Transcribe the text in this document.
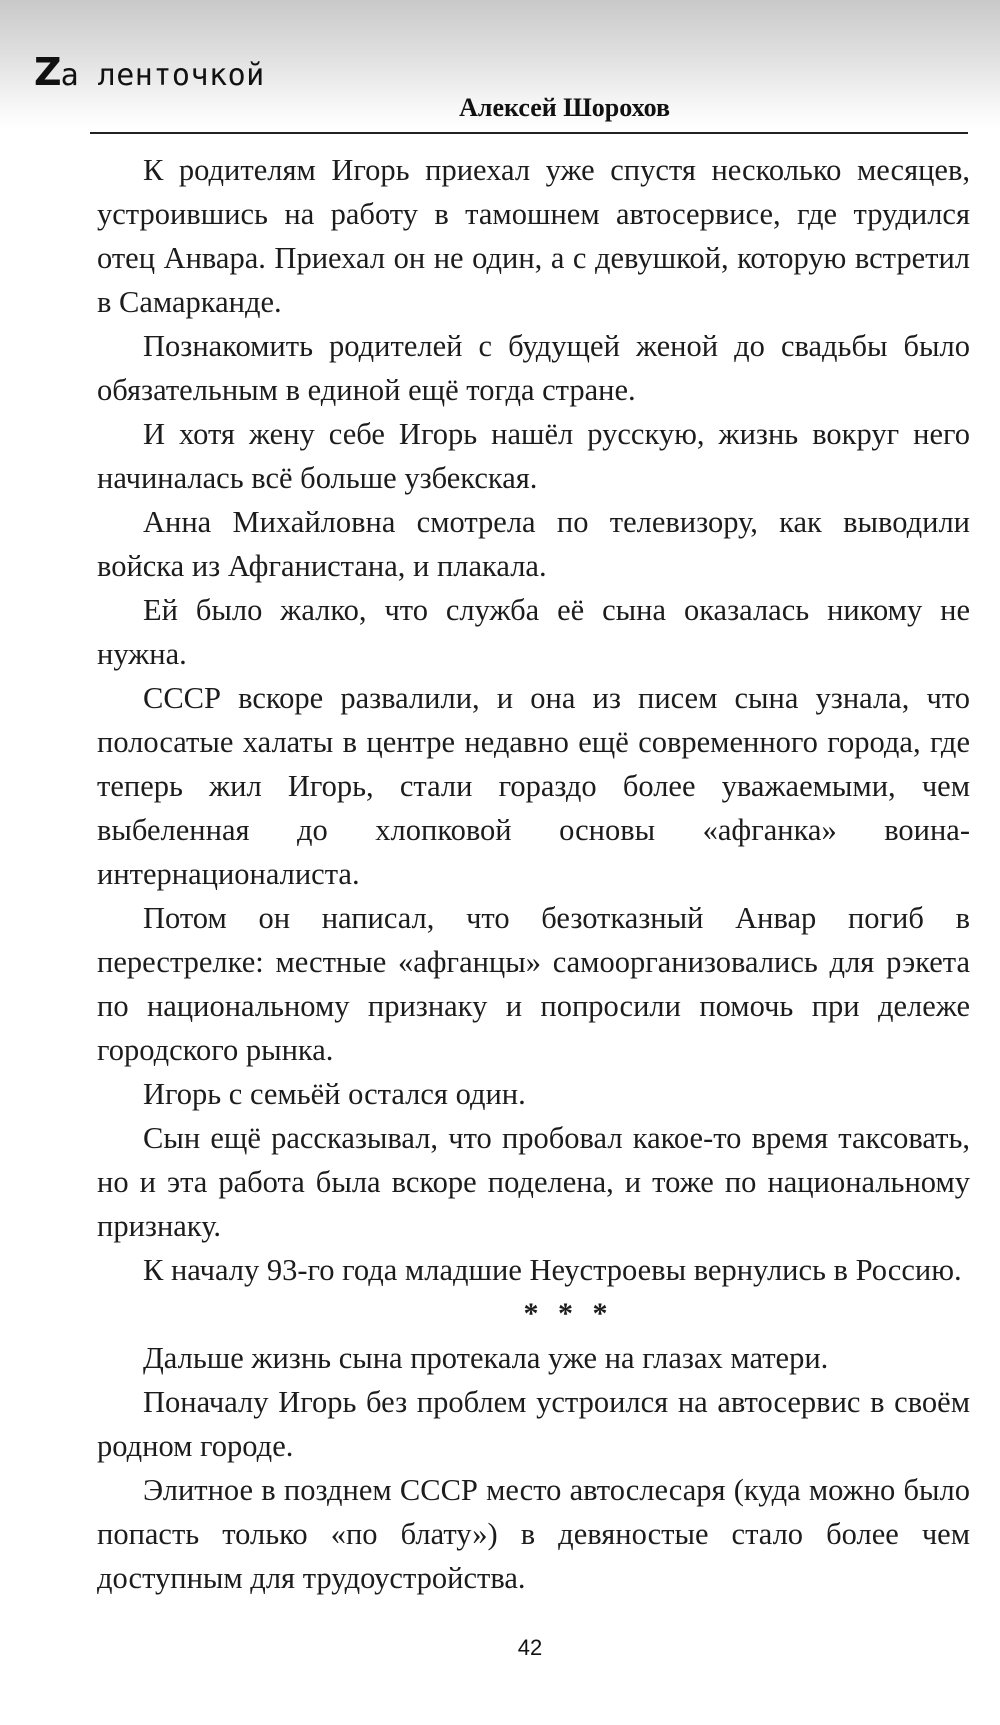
Zа ленточкой
Алексей Шорохов

К родителям Игорь приехал уже спустя несколько месяцев, устроившись на работу в тамошнем автосервисе, где трудился отец Анвара. Приехал он не один, а с девушкой, которую встретил в Самарканде.

Познакомить родителей с будущей женой до свадьбы было обязательным в единой ещё тогда стране.

И хотя жену себе Игорь нашёл русскую, жизнь вокруг него начиналась всё больше узбекская.

Анна Михайловна смотрела по телевизору, как выводили войска из Афганистана, и плакала.

Ей было жалко, что служба её сына оказалась никому не нужна.

СССР вскоре развалили, и она из писем сына узнала, что полосатые халаты в центре недавно ещё современного города, где теперь жил Игорь, стали гораздо более уважаемыми, чем выбеленная до хлопковой основы «афганка» воина-интернационалиста.

Потом он написал, что безотказный Анвар погиб в перестрелке: местные «афганцы» самоорганизовались для рэкета по национальному признаку и попросили помочь при дележе городского рынка.

Игорь с семьёй остался один.

Сын ещё рассказывал, что пробовал какое-то время таксовать, но и эта работа была вскоре поделена, и тоже по национальному признаку.

К началу 93-го года младшие Неустроевы вернулись в Россию.

* * *

Дальше жизнь сына протекала уже на глазах матери.

Поначалу Игорь без проблем устроился на автосервис в своём родном городе.

Элитное в позднем СССР место автослесаря (куда можно было попасть только «по блату») в девяностые стало более чем доступным для трудоустройства.

42
